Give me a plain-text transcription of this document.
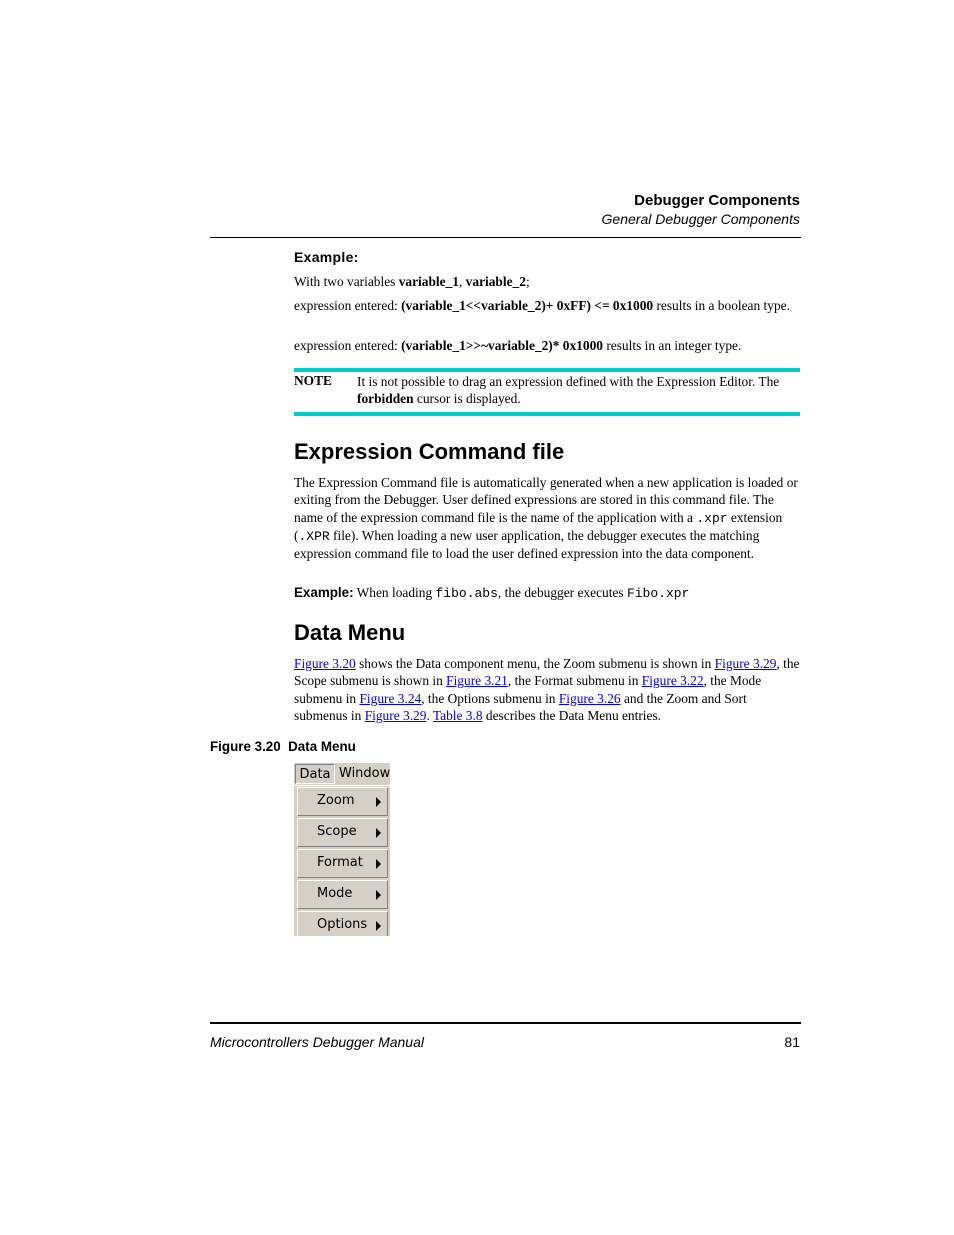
Debugger Components
General Debugger Components
Example:

With two variables variable_1, variable_2;

expression entered: (variable_1<<variable_2)+ 0xFF) <= 0x1000 results in a boolean type.

expression entered: (variable_1>>~variable_2)* 0x1000 results in an integer type.

NOTE It is not possible to drag an expression defined with the Expression Editor. The forbidden cursor is displayed.

Expression Command file

The Expression Command file is automatically generated when a new application is loaded or exiting from the Debugger. User defined expressions are stored in this command file. The name of the expression command file is the name of the application with a .xpr extension (.XPR file). When loading a new user application, the debugger executes the matching expression command file to load the user defined expression into the data component.

Example: When loading fibo.abs, the debugger executes Fibo.xpr

Data Menu

Figure 3.20 shows the Data component menu, the Zoom submenu is shown in Figure 3.29, the Scope submenu is shown in Figure 3.21, the Format submenu in Figure 3.22, the Mode submenu in Figure 3.24, the Options submenu in Figure 3.26 and the Zoom and Sort submenus in Figure 3.29. Table 3.8 describes the Data Menu entries.

Figure 3.20  Data Menu
Data Window
Zoom
Scope
Format
Mode
Options
Microcontrollers Debugger Manual	81
